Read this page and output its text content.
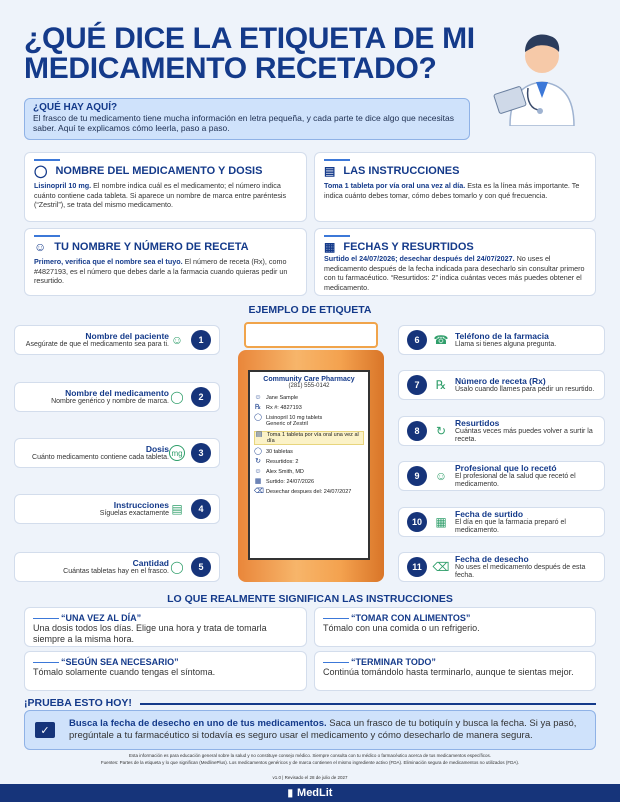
¿QUÉ DICE LA ETIQUETA DE MI
MEDICAMENTO RECETADO?
¿QUÉ HAY AQUÍ?

El frasco de tu medicamento tiene mucha información en letra pequeña, y cada parte te dice algo que necesitas saber. Aquí te explicamos cómo leerla, paso a paso.

◯ NOMBRE DEL MEDICAMENTO Y DOSIS

Lisinopril 10 mg. El nombre indica cuál es el medicamento; el número indica cuánto contiene cada tableta. Si aparece un nombre de marca entre paréntesis (“Zestril”), se trata del mismo medicamento.

▤ LAS INSTRUCCIONES

Toma 1 tableta por vía oral una vez al día. Esta es la línea más importante. Te indica cuánto debes tomar, cómo debes tomarlo y con qué frecuencia.

☺ TU NOMBRE Y NÚMERO DE RECETA

Primero, verifica que el nombre sea el tuyo. El número de receta (Rx), como #4827193, es el número que debes darle a la farmacia cuando quieras pedir un resurtido.

▦ FECHAS Y RESURTIDOS

Surtido el 24/07/2026; desechar después del 24/07/2027. No uses el medicamento después de la fecha indicada para desecharlo sin consultar primero con tu farmacéutico. “Resurtidos: 2” indica cuántas veces más puedes obtener el medicamento.

EJEMPLO DE ETIQUETA
Community Care Pharmacy
(281) 555-0142
☺ Jane Sample
℞ Rx #: 4827193
◯ Lisinopril 10 mg tablets
Generic of Zestril
▤ Toma 1 tableta por vía oral una vez al día
◯ 30 tabletas
↻ Resurtidos: 2
☺ Alex Smith, MD
▦ Surtido: 24/07/2026
⌫ Desechar despues del: 24/07/2027
Nombre del paciente
Asegúrate de que el medicamento sea para ti. ☺	1
Nombre del medicamento
Nombre genérico y nombre de marca. ◯	2
Dosis
Cuánto medicamento contiene cada tableta. mg	3
Instrucciones
Síguelas exactamente ▤	4
Cantidad
Cuántas tabletas hay en el frasco. ◯	5
6	☎ Teléfono de la farmacia
Llama si tienes alguna pregunta.
7	℞	Número de receta (Rx)
Úsalo cuando llames para pedir un resurtido.
8	↻
Resurtidos
Cuántas veces más puedes volver a surtir la receta.
9	☺
Profesional que lo recetó
El profesional de la salud que recetó el medicamento.
10	▦
Fecha de surtido
El día en que la farmacia preparó el medicamento.
11 ⌫
Fecha de desecho
No uses el medicamento después de esta fecha.
LO QUE REALMENTE SIGNIFICAN LAS INSTRUCCIONES
“UNA VEZ AL DÍA”

Una dosis todos los días. Elige una hora y trata de tomarla siempre a la misma hora.

“TOMAR CON ALIMENTOS”

Tómalo con una comida o un refrigerio.

“SEGÚN SEA NECESARIO”

Tómalo solamente cuando tengas el síntoma.

“TERMINAR TODO”

Continúa tomándolo hasta terminarlo, aunque te sientas mejor.

¡PRUEBA ESTO HOY!
✓

Busca la fecha de desecho en uno de tus medicamentos. Saca un frasco de tu botiquín y busca la fecha. Si ya pasó, pregúntale a tu farmacéutico si todavía es seguro usar el medicamento y cómo desecharlo de manera segura.

Esta información es para educación general sobre la salud y no constituye consejo médico. Siempre consulta con tu médico o farmacéutico acerca de tus medicamentos específicos.
Fuentes: Partes de la etiqueta y lo que significan (MedlinePlus). Los medicamentos genéricos y de marca contienen el mismo ingrediente activo (FDA). Eliminación segura de medicamentos no utilizados (FDA).
v1.0 | Revisado el 28 de julio de 2027
▮ MedLit
